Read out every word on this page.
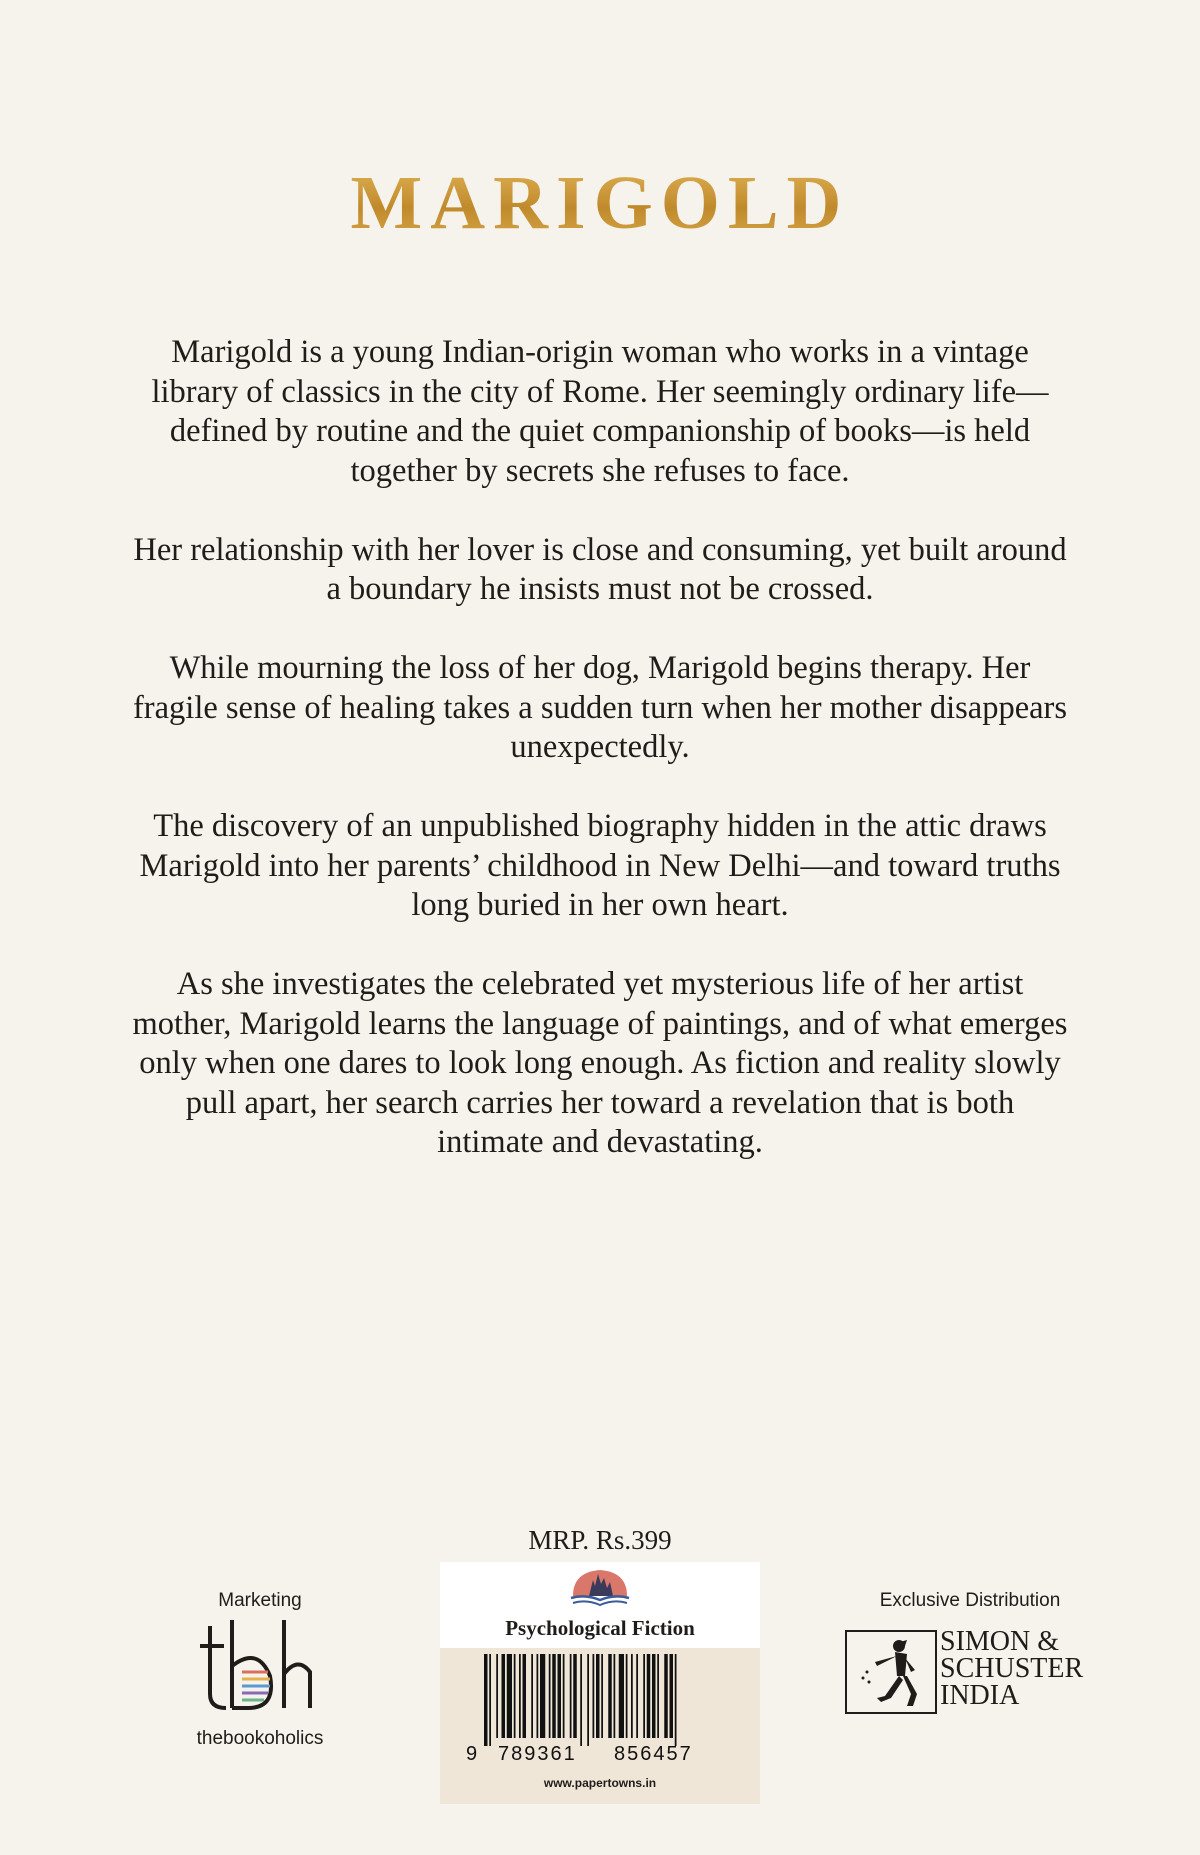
MARIGOLD

Marigold is a young Indian-origin woman who works in a vintage library of classics in the city of Rome. Her seemingly ordinary life—defined by routine and the quiet companionship of books—is held together by secrets she refuses to face.

Her relationship with her lover is close and consuming, yet built around a boundary he insists must not be crossed.

While mourning the loss of her dog, Marigold begins therapy. Her fragile sense of healing takes a sudden turn when her mother disappears unexpectedly.

The discovery of an unpublished biography hidden in the attic draws Marigold into her parents’ childhood in New Delhi—and toward truths long buried in her own heart.

As she investigates the celebrated yet mysterious life of her artist mother, Marigold learns the language of paintings, and of what emerges only when one dares to look long enough. As fiction and reality slowly pull apart, her search carries her toward a revelation that is both intimate and devastating.

MRP. Rs.399
Marketing
thebookoholics
Psychological Fiction
9 789361 856457
www.papertowns.in
Exclusive Distribution
SIMON &
SCHUSTER
INDIA
